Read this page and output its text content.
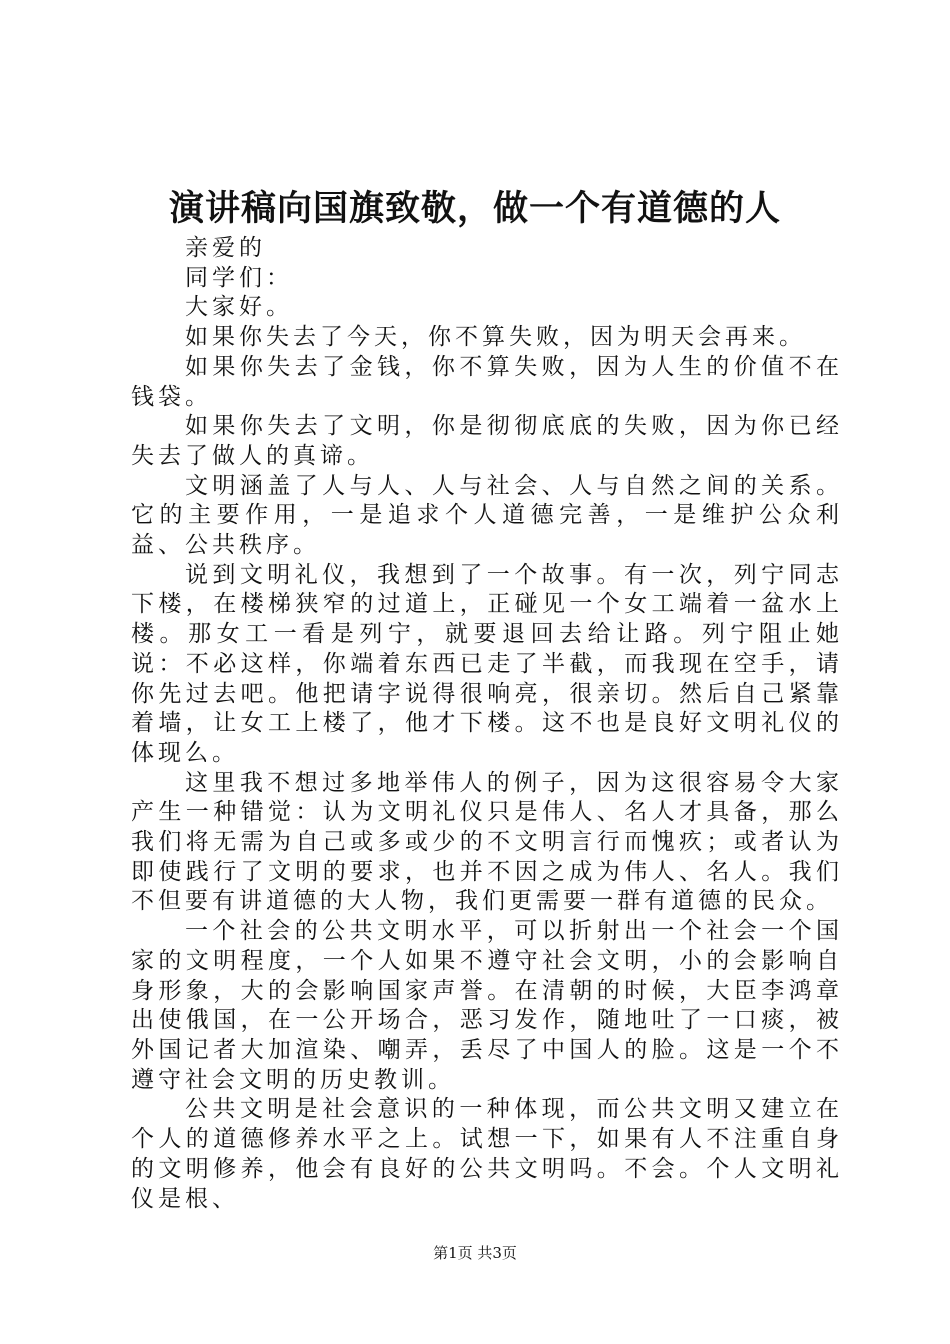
演讲稿向国旗致敬，做一个有道德的人

亲爱的

同学们：

大家好。

如果你失去了今天，你不算失败，因为明天会再来。

如果你失去了金钱，你不算失败，因为人生的价值不在钱袋。

如果你失去了文明，你是彻彻底底的失败，因为你已经失去了做人的真谛。

文明涵盖了人与人、人与社会、人与自然之间的关系。它的主要作用，一是追求个人道德完善，一是维护公众利益、公共秩序。

说到文明礼仪，我想到了一个故事。有一次，列宁同志下楼，在楼梯狭窄的过道上，正碰见一个女工端着一盆水上楼。那女工一看是列宁，就要退回去给让路。列宁阻止她说：不必这样，你端着东西已走了半截，而我现在空手，请你先过去吧。他把请字说得很响亮，很亲切。然后自己紧靠着墙，让女工上楼了，他才下楼。这不也是良好文明礼仪的体现么。

这里我不想过多地举伟人的例子，因为这很容易令大家产生一种错觉：认为文明礼仪只是伟人、名人才具备，那么我们将无需为自己或多或少的不文明言行而愧疚；或者认为即使践行了文明的要求，也并不因之成为伟人、名人。我们不但要有讲道德的大人物，我们更需要一群有道德的民众。

一个社会的公共文明水平，可以折射出一个社会一个国家的文明程度，一个人如果不遵守社会文明，小的会影响自身形象，大的会影响国家声誉。在清朝的时候，大臣李鸿章出使俄国，在一公开场合，恶习发作，随地吐了一口痰，被外国记者大加渲染、嘲弄，丢尽了中国人的脸。这是一个不遵守社会文明的历史教训。

公共文明是社会意识的一种体现，而公共文明又建立在个人的道德修养水平之上。试想一下，如果有人不注重自身的文明修养，他会有良好的公共文明吗。不会。个人文明礼仪是根、

第1页 共3页
